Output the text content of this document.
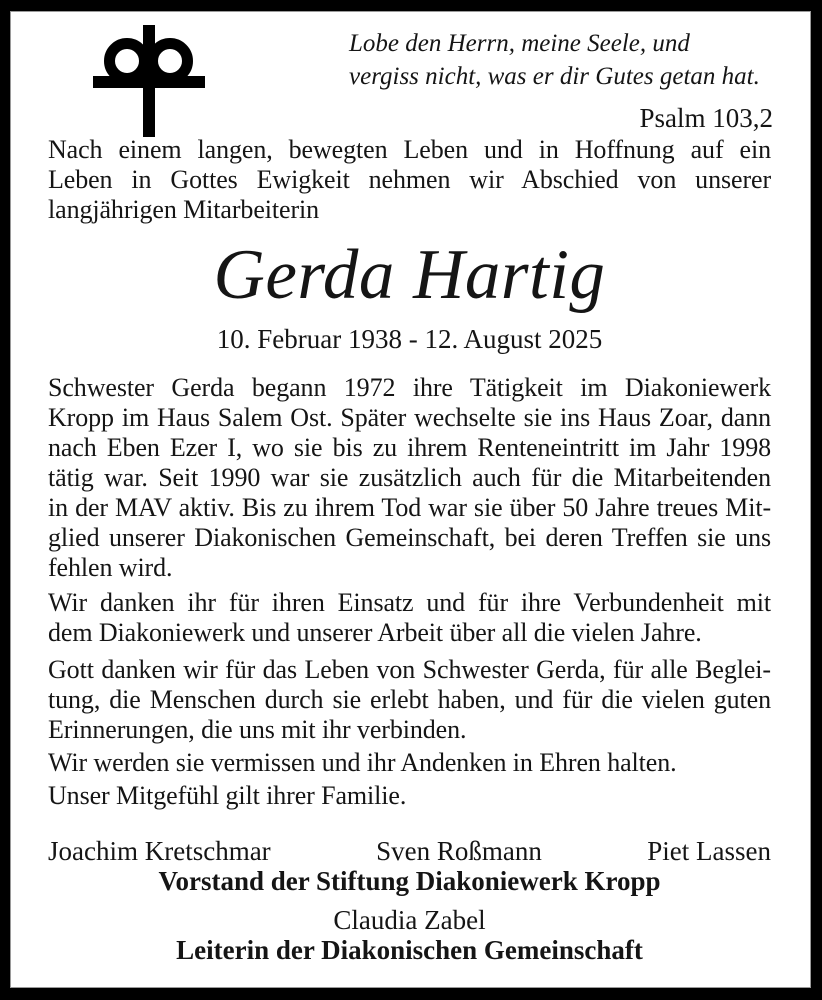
Lobe den Herrn, meine Seele, und
vergiss nicht, was er dir Gutes getan hat.
Psalm 103,2
Nach einem langen, bewegten Leben und in Hoffnung auf ein
Leben in Gottes Ewigkeit nehmen wir Abschied von unserer
langjährigen Mitarbeiterin
Gerda Hartig
10. Februar 1938 - 12. August 2025
Schwester Gerda begann 1972 ihre Tätigkeit im Diakoniewerk
Kropp im Haus Salem Ost. Später wechselte sie ins Haus Zoar, dann
nach Eben Ezer I, wo sie bis zu ihrem Renteneintritt im Jahr 1998
tätig war. Seit 1990 war sie zusätzlich auch für die Mitarbeitenden
in der MAV aktiv. Bis zu ihrem Tod war sie über 50 Jahre treues Mit-
glied unserer Diakonischen Gemeinschaft, bei deren Treffen sie uns
fehlen wird.
Wir danken ihr für ihren Einsatz und für ihre Verbundenheit mit
dem Diakoniewerk und unserer Arbeit über all die vielen Jahre.
Gott danken wir für das Leben von Schwester Gerda, für alle Beglei-
tung, die Menschen durch sie erlebt haben, und für die vielen guten
Erinnerungen, die uns mit ihr verbinden.
Wir werden sie vermissen und ihr Andenken in Ehren halten.
Unser Mitgefühl gilt ihrer Familie.
Joachim Kretschmar	Sven Roßmann	Piet Lassen
Vorstand der Stiftung Diakoniewerk Kropp
Claudia Zabel
Leiterin der Diakonischen Gemeinschaft
